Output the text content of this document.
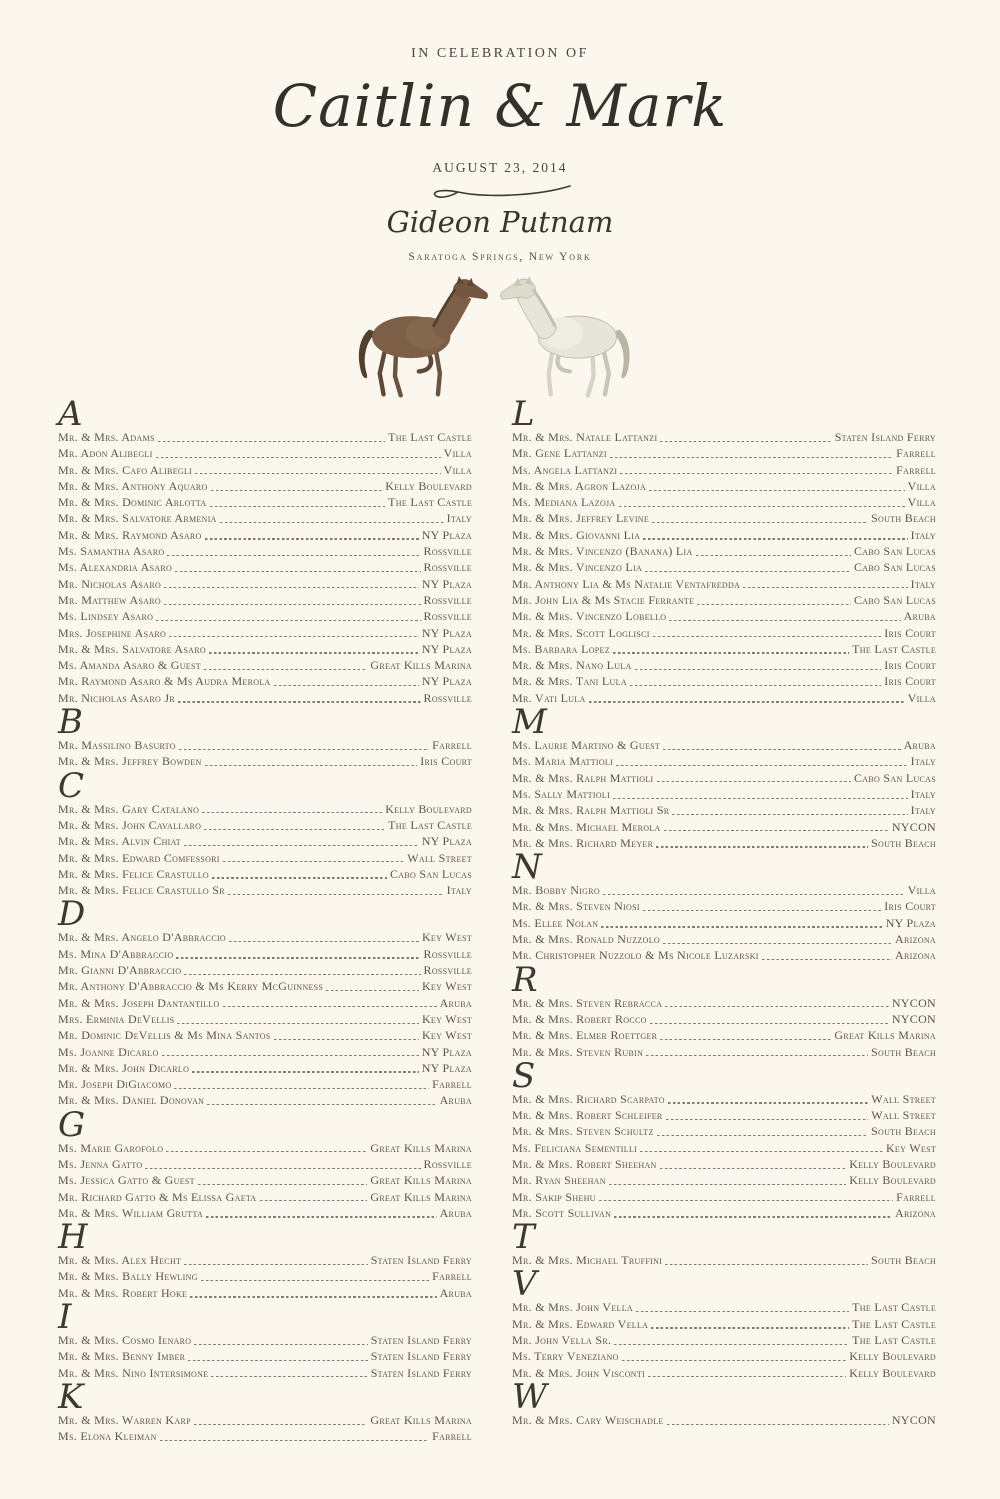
IN CELEBRATION OF
Caitlin & Mark
AUGUST 23, 2014
Gideon Putnam
Saratoga Springs, New York
A
Mr. & Mrs. Adams	The Last Castle
Mr. Adon Alibegli	Villa
Mr. & Mrs. Cafo Alibegli	Villa
Mr. & Mrs. Anthony Aquaro	Kelly Boulevard
Mr. & Mrs. Dominic Arlotta	The Last Castle
Mr. & Mrs. Salvatore Armenia	Italy
Mr. & Mrs. Raymond Asaro	NY Plaza
Ms. Samantha Asaro	Rossville
Ms. Alexandria Asaro	Rossville
Mr. Nicholas Asaro	NY Plaza
Mr. Matthew Asaro	Rossville
Ms. Lindsey Asaro	Rossville
Mrs. Josephine Asaro	NY Plaza
Mr. & Mrs. Salvatore Asaro	NY Plaza
Ms. Amanda Asaro & Guest	Great Kills Marina
Mr. Raymond Asaro & Ms Audra Merola	NY Plaza
Mr. Nicholas Asaro Jr	Rossville
B
Mr. Massilino Basurto	Farrell
Mr. & Mrs. Jeffrey Bowden	Iris Court
C
Mr. & Mrs. Gary Catalano	Kelly Boulevard
Mr. & Mrs. John Cavallaro	The Last Castle
Mr. & Mrs. Alvin Chiat	NY Plaza
Mr. & Mrs. Edward Comfessori	Wall Street
Mr. & Mrs. Felice Crastullo	Cabo San Lucas
Mr. & Mrs. Felice Crastullo Sr	Italy
D
Mr. & Mrs. Angelo D'Abbraccio	Key West
Ms. Mina D'Abbraccio	Rossville
Mr. Gianni D'Abbraccio	Rossville
Mr. Anthony D'Abbraccio & Ms Kerry McGuinness	Key West
Mr. & Mrs. Joseph Dantantillo	Aruba
Mrs. Erminia DeVellis	Key West
Mr. Dominic DeVellis & Ms Mina Santos	Key West
Ms. Joanne Dicarlo	NY Plaza
Mr. & Mrs. John Dicarlo	NY Plaza
Mr. Joseph DiGiacomo	Farrell
Mr. & Mrs. Daniel Donovan	Aruba
G
Ms. Marie Garofolo	Great Kills Marina
Ms. Jenna Gatto	Rossville
Ms. Jessica Gatto & Guest	Great Kills Marina
Mr. Richard Gatto & Ms Elissa Gaeta	Great Kills Marina
Mr. & Mrs. William Grutta	Aruba
H
Mr. & Mrs. Alex Hecht	Staten Island Ferry
Mr. & Mrs. Bally Hewling	Farrell
Mr. & Mrs. Robert Hoke	Aruba
I
Mr. & Mrs. Cosmo Ienaro	Staten Island Ferry
Mr. & Mrs. Benny Imber	Staten Island Ferry
Mr. & Mrs. Nino Intersimone	Staten Island Ferry
K
Mr. & Mrs. Warren Karp	Great Kills Marina
Ms. Elona Kleiman	Farrell
L
Mr. & Mrs. Natale Lattanzi	Staten Island Ferry
Mr. Gene Lattanzi	Farrell
Ms. Angela Lattanzi	Farrell
Mr. & Mrs. Agron Lazoja	Villa
Ms. Mediana Lazoja	Villa
Mr. & Mrs. Jeffrey Levine	South Beach
Mr. & Mrs. Giovanni Lia	Italy
Mr. & Mrs. Vincenzo (Banana) Lia	Cabo San Lucas
Mr. & Mrs. Vincenzo Lia	Cabo San Lucas
Mr. Anthony Lia & Ms Natalie Ventafredda	Italy
Mr. John Lia & Ms Stacie Ferrante	Cabo San Lucas
Mr. & Mrs. Vincenzo Lobello	Aruba
Mr. & Mrs. Scott Loglisci	Iris Court
Ms. Barbara Lopez	The Last Castle
Mr. & Mrs. Nano Lula	Iris Court
Mr. & Mrs. Tani Lula	Iris Court
Mr. Vati Lula	Villa
M
Ms. Laurie Martino & Guest	Aruba
Ms. Maria Mattioli	Italy
Mr. & Mrs. Ralph Mattioli	Cabo San Lucas
Ms. Sally Mattioli	Italy
Mr. & Mrs. Ralph Mattioli Sr	Italy
Mr. & Mrs. Michael Merola	NYCON
Mr. & Mrs. Richard Meyer	South Beach
N
Mr. Bobby Nigro	Villa
Mr. & Mrs. Steven Niosi	Iris Court
Ms. Ellee Nolan	NY Plaza
Mr. & Mrs. Ronald Nuzzolo	Arizona
Mr. Christopher Nuzzolo & Ms Nicole Luzarski	Arizona
R
Mr. & Mrs. Steven Rebracca	NYCON
Mr. & Mrs. Robert Rocco	NYCON
Mr. & Mrs. Elmer Roettger	Great Kills Marina
Mr. & Mrs. Steven Rubin	South Beach
S
Mr. & Mrs. Richard Scarpato	Wall Street
Mr. & Mrs. Robert Schleifer	Wall Street
Mr. & Mrs. Steven Schultz	South Beach
Ms. Feliciana Sementilli	Key West
Mr. & Mrs. Robert Sheehan	Kelly Boulevard
Mr. Ryan Sheehan	Kelly Boulevard
Mr. Sakip Shehu	Farrell
Mr. Scott Sullivan	Arizona
T
Mr. & Mrs. Michael Truffini	South Beach
V
Mr. & Mrs. John Vella	The Last Castle
Mr. & Mrs. Edward Vella	The Last Castle
Mr. John Vella Sr.	The Last Castle
Ms. Terry Veneziano	Kelly Boulevard
Mr. & Mrs. John Visconti	Kelly Boulevard
W
Mr. & Mrs. Cary Weischadle	NYCON
